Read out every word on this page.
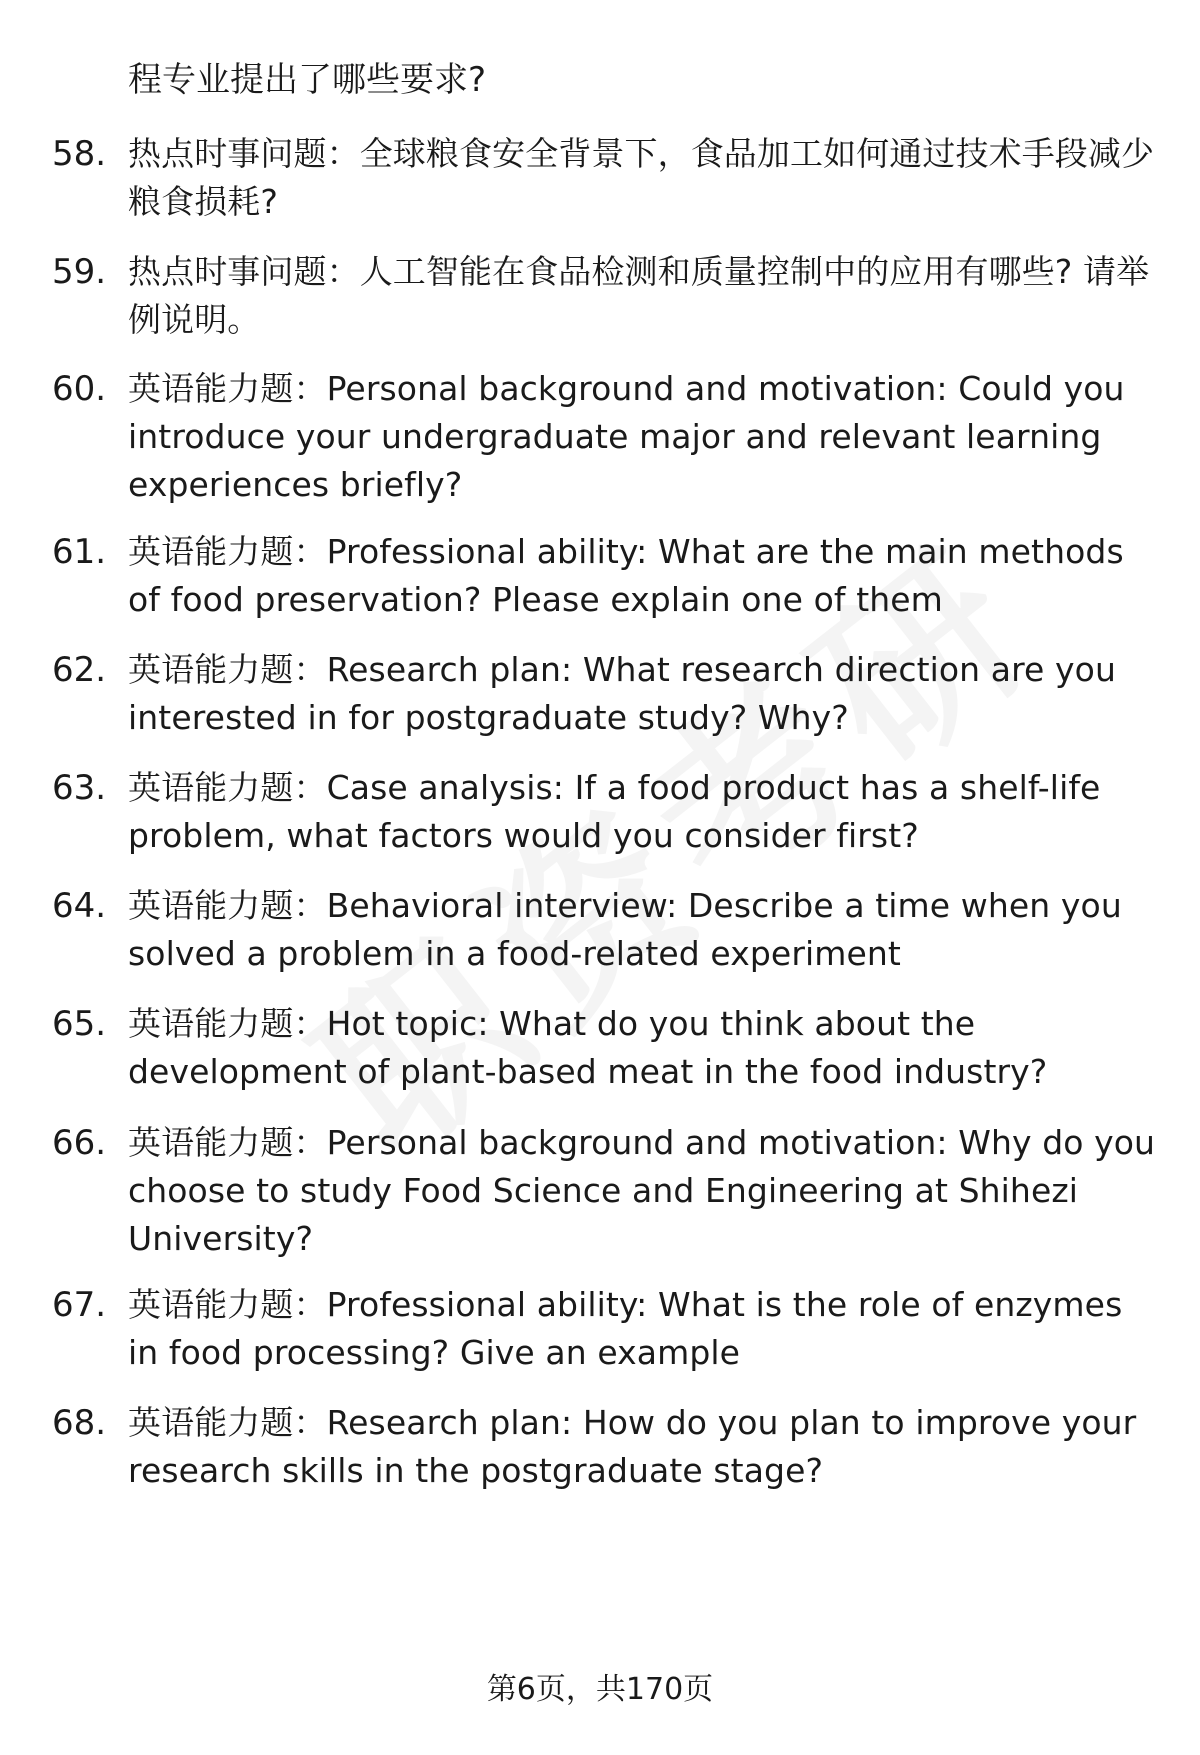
程专业提出了哪些要求?
58. 热点时事问题：全球粮食安全背景下，食品加工如何通过技术手段减少粮食损耗?
59. 热点时事问题：人工智能在食品检测和质量控制中的应用有哪些? 请举例说明。
60. 英语能力题：Personal background and motivation: Could you introduce your undergraduate major and relevant learning experiences briefly?
61. 英语能力题：Professional ability: What are the main methods of food preservation? Please explain one of them
62. 英语能力题：Research plan: What research direction are you interested in for postgraduate study? Why?
63. 英语能力题：Case analysis: If a food product has a shelf-life problem, what factors would you consider first?
64. 英语能力题：Behavioral interview: Describe a time when you solved a problem in a food-related experiment
65. 英语能力题：Hot topic: What do you think about the development of plant-based meat in the food industry?
66. 英语能力题：Personal background and motivation: Why do you choose to study Food Science and Engineering at Shihezi University?
67. 英语能力题：Professional ability: What is the role of enzymes in food processing? Give an example
68. 英语能力题：Research plan: How do you plan to improve your research skills in the postgraduate stage?
第6页，共170页
